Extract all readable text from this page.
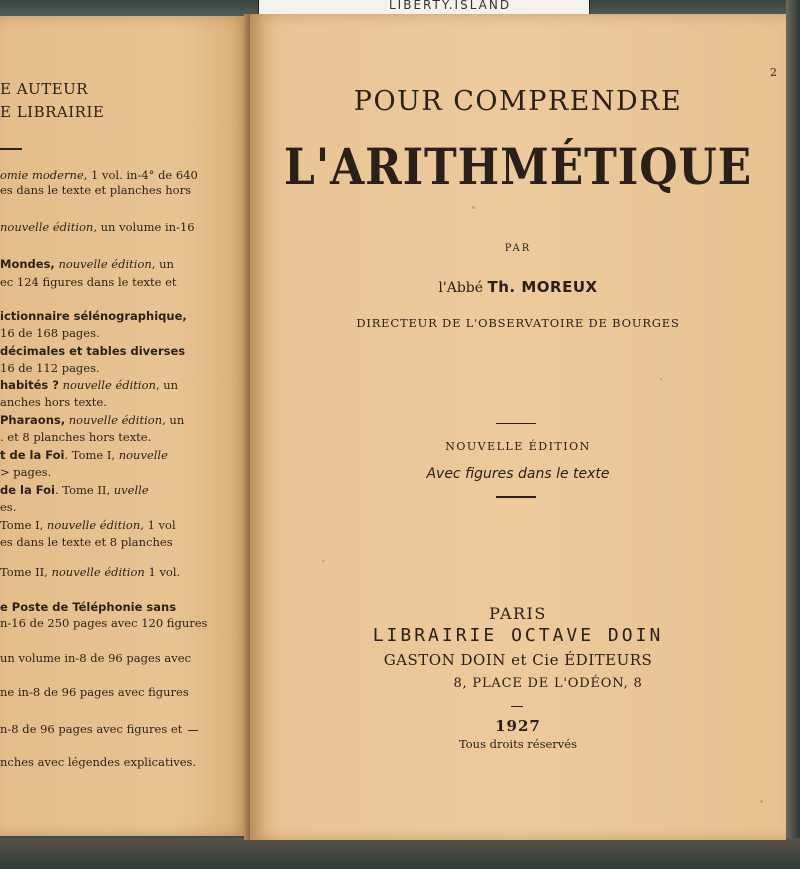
LIBERTY.ISLAND
E AUTEUR
E LIBRAIRIE
omie moderne, 1 vol. in-4° de 640
es dans le texte et planches hors
nouvelle édition, un volume in-16
Mondes, nouvelle édition, un
ec 124 figures dans le texte et
ictionnaire sélénographique,
16 de 168 pages.
décimales et tables diverses
16 de 112 pages.
habités ? nouvelle édition, un
anches hors texte.
Pharaons, nouvelle édition, un
. et 8 planches hors texte.
t de la Foi. Tome I, nouvelle
> pages.
de la Foi. Tome II, uvelle
es.
Tome I, nouvelle édition, 1 vol
es dans le texte et 8 planches
Tome II, nouvelle édition 1 vol.
e Poste de Téléphonie sans
n-16 de 250 pages avec 120 figures
un volume in-8 de 96 pages avec
ne in-8 de 96 pages avec figures
n-8 de 96 pages avec figures et
nches avec légendes explicatives.
2
POUR COMPRENDRE
L'ARITHMÉTIQUE
PAR
l'Abbé Th. MOREUX
DIRECTEUR DE L'OBSERVATOIRE DE BOURGES
NOUVELLE ÉDITION
Avec figures dans le texte
PARIS
LIBRAIRIE OCTAVE DOIN
GASTON DOIN et Cie ÉDITEURS
8, PLACE DE L'ODÉON, 8
1927
Tous droits réservés
